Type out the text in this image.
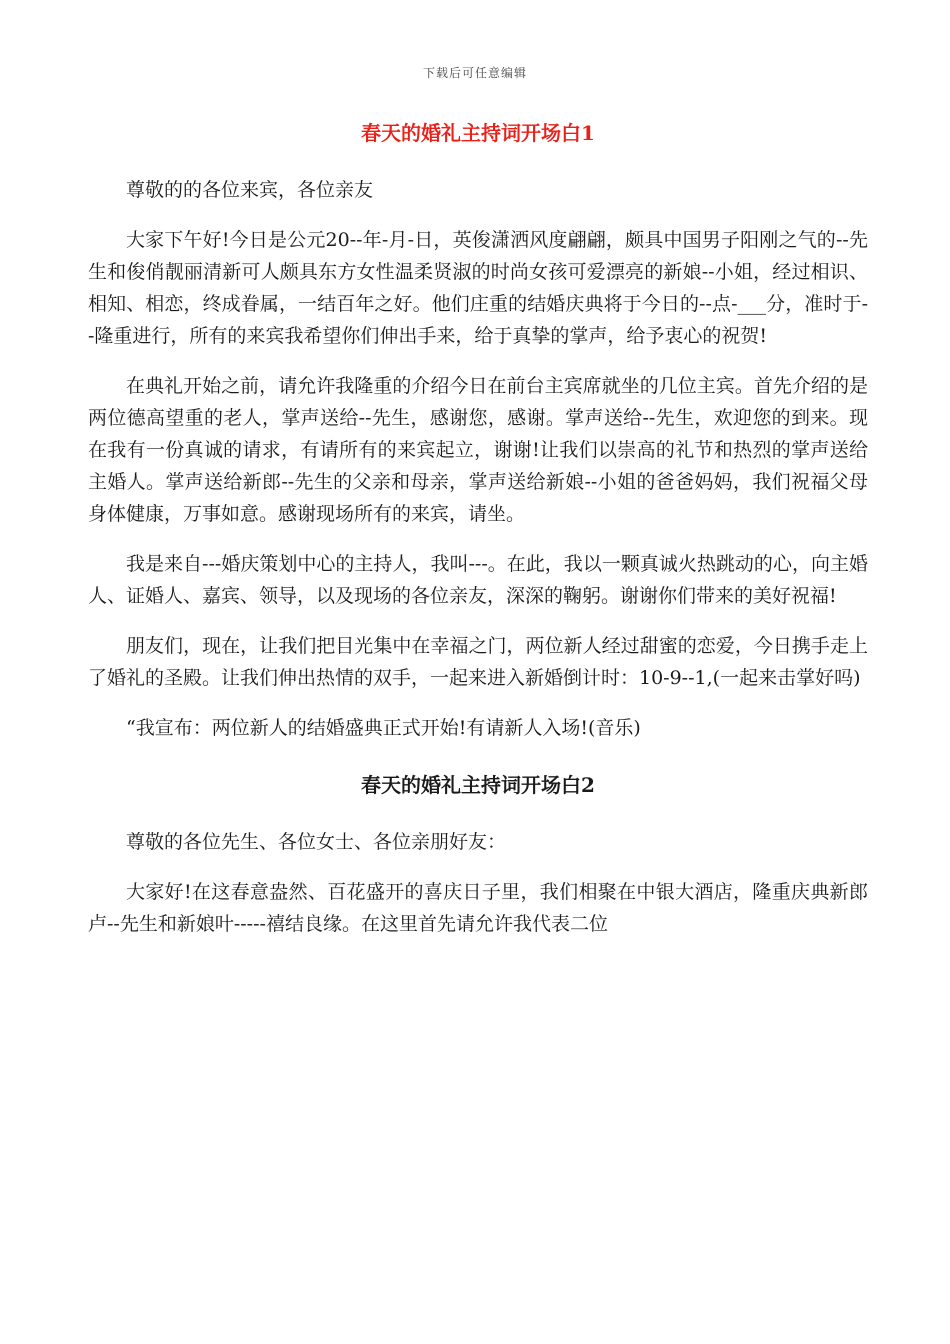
下载后可任意编辑
春天的婚礼主持词开场白1

尊敬的的各位来宾，各位亲友

大家下午好!今日是公元20--年-月-日，英俊潇洒风度翩翩，颇具中国男子阳刚之气的--先生和俊俏靓丽清新可人颇具东方女性温柔贤淑的时尚女孩可爱漂亮的新娘--小姐，经过相识、相知、相恋，终成眷属，一结百年之好。他们庄重的结婚庆典将于今日的--点-___分，准时于--隆重进行，所有的来宾我希望你们伸出手来，给于真挚的掌声，给予衷心的祝贺!

在典礼开始之前，请允许我隆重的介绍今日在前台主宾席就坐的几位主宾。首先介绍的是两位德高望重的老人，掌声送给--先生，感谢您，感谢。掌声送给--先生，欢迎您的到来。现在我有一份真诚的请求，有请所有的来宾起立，谢谢!让我们以崇高的礼节和热烈的掌声送给主婚人。掌声送给新郎--先生的父亲和母亲，掌声送给新娘--小姐的爸爸妈妈，我们祝福父母身体健康，万事如意。感谢现场所有的来宾，请坐。

我是来自---婚庆策划中心的主持人，我叫---。在此，我以一颗真诚火热跳动的心，向主婚人、证婚人、嘉宾、领导，以及现场的各位亲友，深深的鞠躬。谢谢你们带来的美好祝福!

朋友们，现在，让我们把目光集中在幸福之门，两位新人经过甜蜜的恋爱，今日携手走上了婚礼的圣殿。让我们伸出热情的双手，一起来进入新婚倒计时：10-9--1,(一起来击掌好吗)

“我宣布：两位新人的结婚盛典正式开始!有请新人入场!(音乐)

春天的婚礼主持词开场白2

尊敬的各位先生、各位女士、各位亲朋好友：

大家好!在这春意盎然、百花盛开的喜庆日子里，我们相聚在中银大酒店，隆重庆典新郎卢--先生和新娘叶-----禧结良缘。在这里首先请允许我代表二位
